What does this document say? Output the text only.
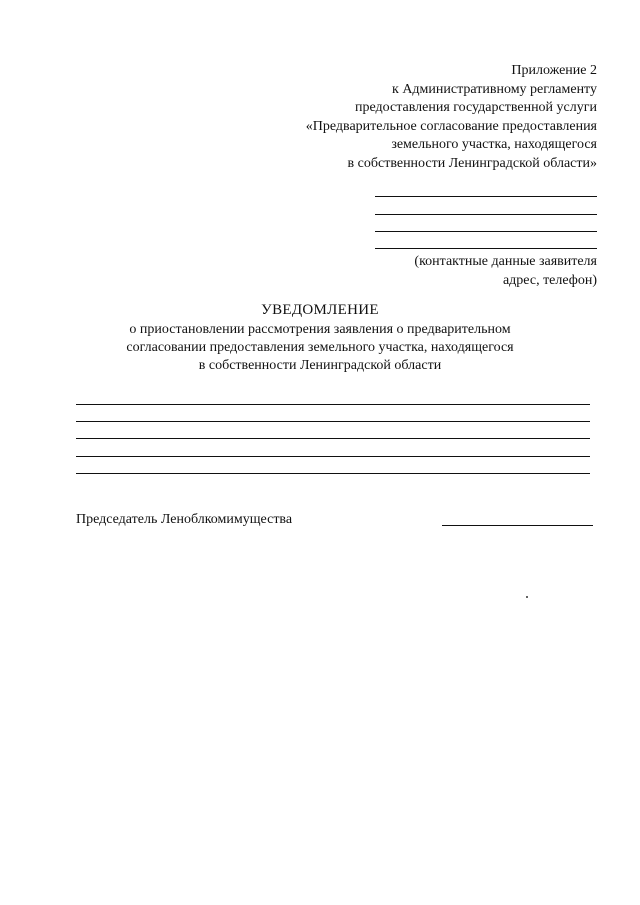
Приложение 2
к Административному регламенту
предоставления государственной услуги
«Предварительное согласование предоставления
земельного участка, находящегося
в собственности Ленинградской области»
(контактные данные заявителя
адрес, телефон)
УВЕДОМЛЕНИЕ
о приостановлении рассмотрения заявления о предварительном
согласовании предоставления земельного участка, находящегося
в собственности Ленинградской области
Председатель Леноблкомимущества
